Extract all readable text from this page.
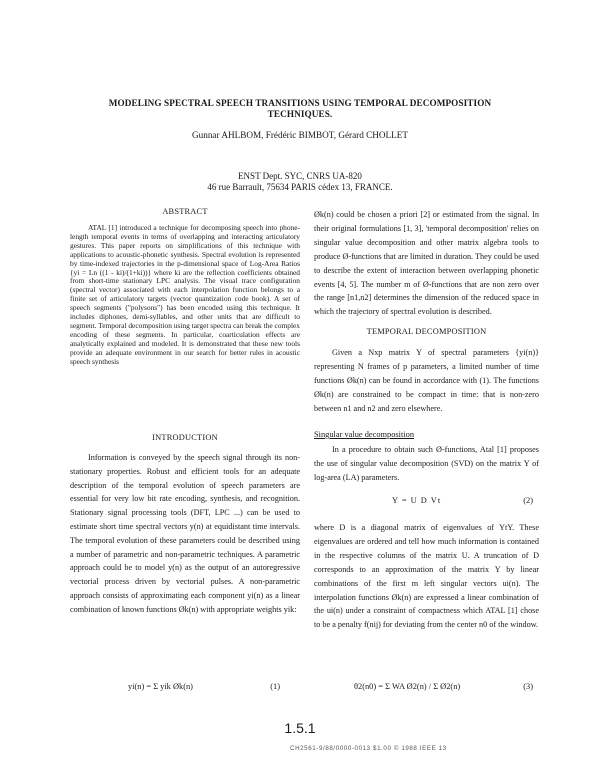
MODELING SPECTRAL SPEECH TRANSITIONS USING TEMPORAL DECOMPOSITION
TECHNIQUES.
Gunnar AHLBOM, Frédéric BIMBOT, Gérard CHOLLET
ENST Dept. SYC, CNRS UA-820
46 rue Barrault, 75634 PARIS cédex 13, FRANCE.
ABSTRACT

ATAL [1] introduced a technique for decomposing speech into phone-length temporal events in terms of overlapping and interacting articulatory gestures. This paper reports on simplifications of this technique with applications to acoustic-phonetic synthesis. Spectral evolution is represented by time-indexed trajectories in the p-dimensional space of Log-Area Ratios {yi = Ln ((1 - ki)/(1+ki))} where ki are the reflection coefficients obtained from short-time stationary LPC analysis. The visual trace configuration (spectral vector) associated with each interpolation function belongs to a finite set of articulatory targets (vector quantization code book). A set of speech segments ("polysons") has been encoded using this technique. It includes diphones, demi-syllables, and other units that are difficult to segment. Temporal decomposition using target spectra can break the complex encoding of these segments. In particular, coarticulation effects are analytically explained and modeled. It is demonstrated that these new tools provide an adequate environment in our search for better rules in acoustic speech synthesis

INTRODUCTION

Information is conveyed by the speech signal through its non-stationary properties. Robust and efficient tools for an adequate description of the temporal evolution of speech parameters are essential for very low bit rate encoding, synthesis, and recognition. Stationary signal processing tools (DFT, LPC ...) can be used to estimate short time spectral vectors y(n) at equidistant time intervals. The temporal evolution of these parameters could be described using a number of parametric and non-parametric techniques. A parametric approach could be to model y(n) as the output of an autoregressive vectorial process driven by vectorial pulses. A non-parametric approach consists of approximating each component yi(n) as a linear combination of known functions Øk(n) with appropriate weights yik:

yi(n) = Σ yik Øk(n)	(1)

Øk(n) could be chosen a priori [2] or estimated from the signal. In their original formulations [1, 3], 'temporal decomposition' relies on singular value decomposition and other matrix algebra tools to produce Ø-functions that are limited in duration. They could be used to describe the extent of interaction between overlapping phonetic events [4, 5]. The number m of Ø-functions that are non zero over the range [n1,n2] determines the dimension of the reduced space in which the trajectory of spectral evolution is described.

TEMPORAL DECOMPOSITION

Given a Nxp matrix Y of spectral parameters {yi(n)} representing N frames of p parameters, a limited number of time functions Øk(n) can be found in accordance with (1). The functions Øk(n) are constrained to be compact in time: that is non-zero between n1 and n2 and zero elsewhere.

Singular value decomposition

In a procedure to obtain such Ø-functions, Atal [1] proposes the use of singular value decomposition (SVD) on the matrix Y of log-area (LA) parameters.

Y = U D Vt	(2)

where D is a diagonal matrix of eigenvalues of YtY. These eigenvalues are ordered and tell how much information is contained in the respective columns of the matrix U. A truncation of D corresponds to an approximation of the matrix Y by linear combinations of the first m left singular vectors ui(n). The interpolation functions Øk(n) are expressed a linear combination of the ui(n) under a constraint of compactness which ATAL [1] chose to be a penalty f(nij) for deviating from the center n0 of the window.

θ2(n0) = Σ WA Ø2(n) / Σ Ø2(n)	(3)
1.5.1
CH2561-9/88/0000-0013 $1.00 © 1988 IEEE 13
